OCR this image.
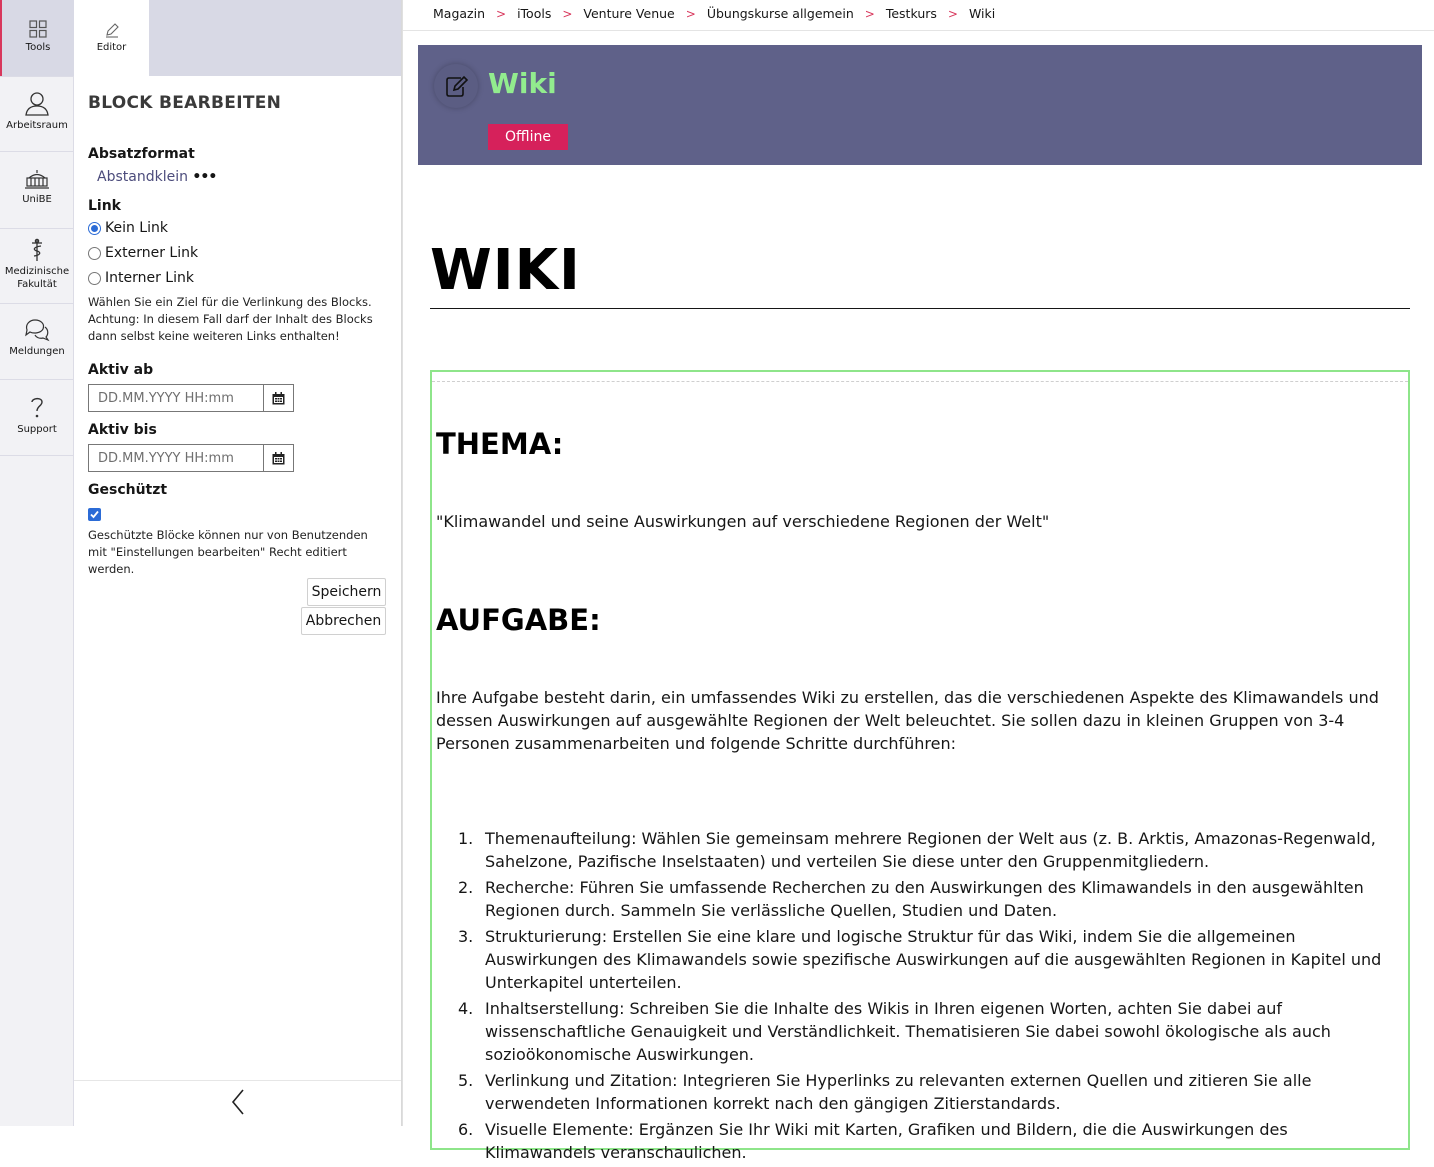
Tools
Arbeitsraum
UniBE
Medizinische Fakultät
Meldungen
Support
Editor
BLOCK BEARBEITEN
Absatzformat
Abstandklein •••
Link
Kein Link
Externer Link
Interner Link
Wählen Sie ein Ziel für die Verlinkung des Blocks. Achtung: In diesem Fall darf der Inhalt des Blocks dann selbst keine weiteren Links enthalten!
Aktiv ab
DD.MM.YYYY HH:mm
Aktiv bis
DD.MM.YYYY HH:mm
Geschützt
Geschützte Blöcke können nur von Benutzenden mit "Einstellungen bearbeiten" Recht editiert werden.
Speichern
Abbrechen
Magazin > iTools > Venture Venue > Übungskurse allgemein > Testkurs > Wiki
Wiki
Offline
WIKI
THEMA:

"Klimawandel und seine Auswirkungen auf verschiedene Regionen der Welt"

AUFGABE:

Ihre Aufgabe besteht darin, ein umfassendes Wiki zu erstellen, das die verschiedenen Aspekte des Klimawandels und dessen Auswirkungen auf ausgewählte Regionen der Welt beleuchtet. Sie sollen dazu in kleinen Gruppen von 3-4 Personen zusammenarbeiten und folgende Schritte durchführen:

1. Themenaufteilung: Wählen Sie gemeinsam mehrere Regionen der Welt aus (z. B. Arktis, Amazonas-Regenwald, Sahelzone, Pazifische Inselstaaten) und verteilen Sie diese unter den Gruppenmitgliedern.
2. Recherche: Führen Sie umfassende Recherchen zu den Auswirkungen des Klimawandels in den ausgewählten Regionen durch. Sammeln Sie verlässliche Quellen, Studien und Daten.
3. Strukturierung: Erstellen Sie eine klare und logische Struktur für das Wiki, indem Sie die allgemeinen Auswirkungen des Klimawandels sowie spezifische Auswirkungen auf die ausgewählten Regionen in Kapitel und Unterkapitel unterteilen.
4. Inhaltserstellung: Schreiben Sie die Inhalte des Wikis in Ihren eigenen Worten, achten Sie dabei auf wissenschaftliche Genauigkeit und Verständlichkeit. Thematisieren Sie dabei sowohl ökologische als auch sozioökonomische Auswirkungen.
5. Verlinkung und Zitation: Integrieren Sie Hyperlinks zu relevanten externen Quellen und zitieren Sie alle verwendeten Informationen korrekt nach den gängigen Zitierstandards.
6. Visuelle Elemente: Ergänzen Sie Ihr Wiki mit Karten, Grafiken und Bildern, die die Auswirkungen des Klimawandels veranschaulichen.
